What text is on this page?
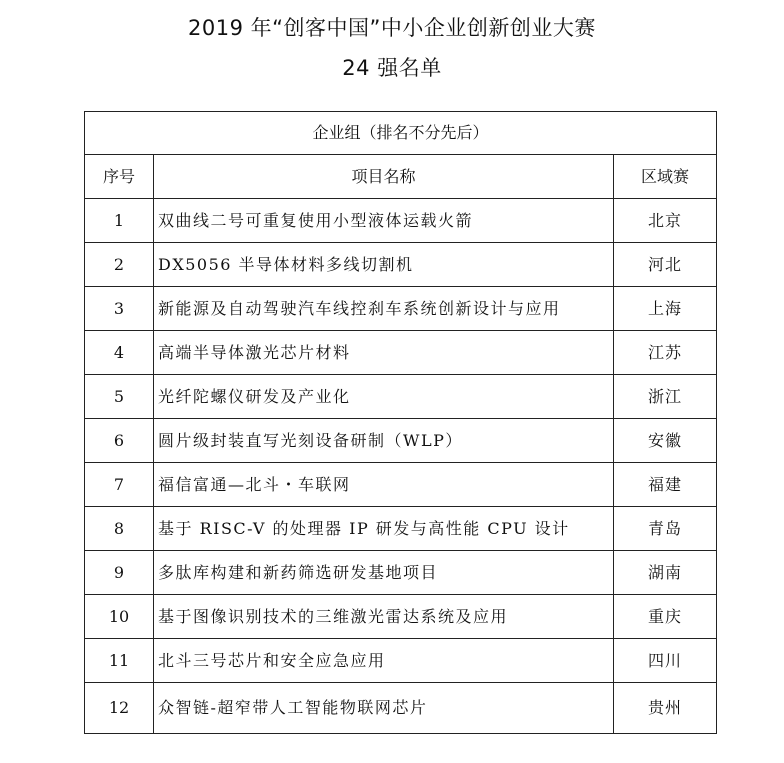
2019 年“创客中国”中小企业创新创业大赛
24 强名单
企业组（排名不分先后）		
序号	项目名称	区域赛
1	双曲线二号可重复使用小型液体运载火箭	北京
2	DX5056 半导体材料多线切割机	河北
3	新能源及自动驾驶汽车线控刹车系统创新设计与应用	上海
4	高端半导体激光芯片材料	江苏
5	光纤陀螺仪研发及产业化	浙江
6	圆片级封装直写光刻设备研制（WLP）	安徽
7	福信富通—北斗・车联网	福建
8	基于 RISC-V 的处理器 IP 研发与高性能 CPU 设计	青岛
9	多肽库构建和新药筛选研发基地项目	湖南
10	基于图像识别技术的三维激光雷达系统及应用	重庆
11	北斗三号芯片和安全应急应用	四川
12	众智链-超窄带人工智能物联网芯片	贵州
